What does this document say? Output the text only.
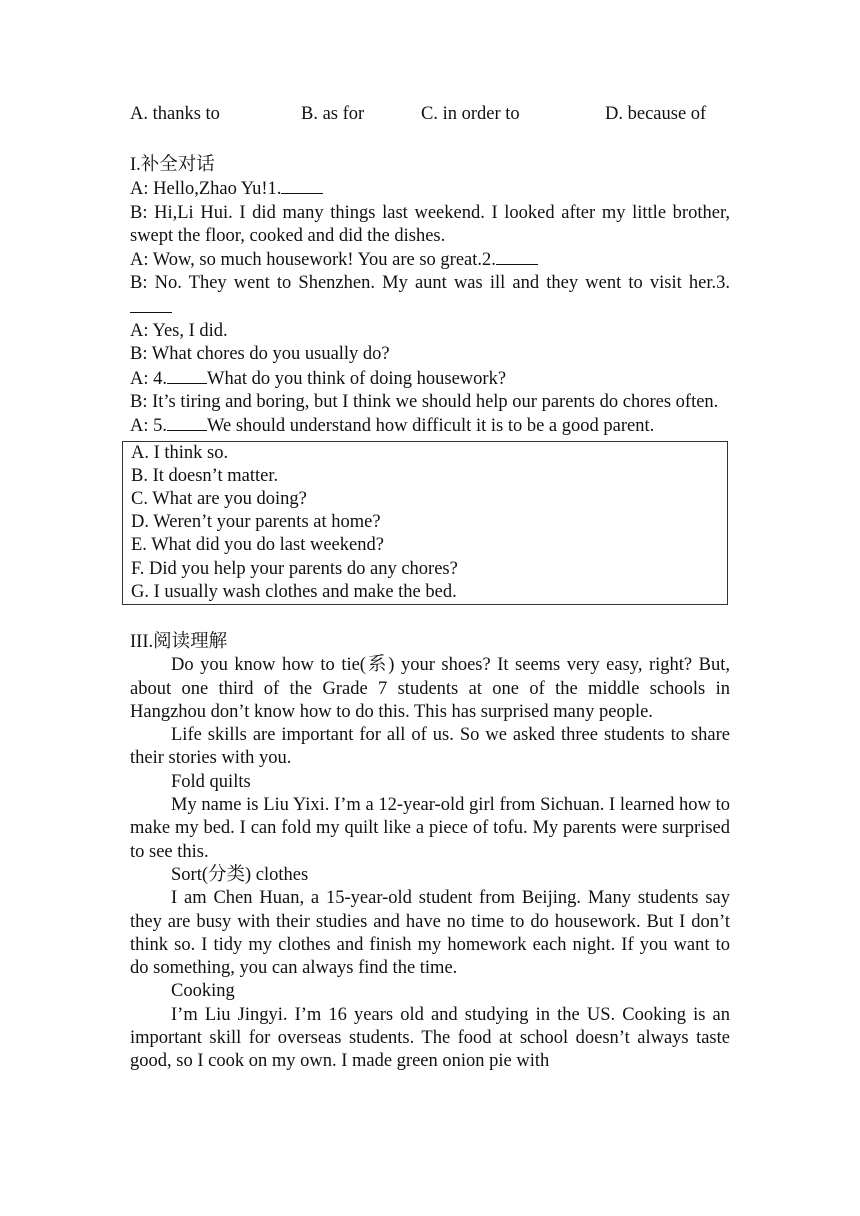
A. thanks to	B. as for	C. in order to	D. because of
I.补全对话
A: Hello,Zhao Yu!1.
B: Hi,Li Hui. I did many things last weekend. I looked after my little brother, swept the floor, cooked and did the dishes.
A: Wow, so much housework! You are so great.2.
B: No. They went to Shenzhen. My aunt was ill and they went to visit her.3.
A: Yes, I did.
B: What chores do you usually do?
A: 4. What do you think of doing housework?
B: It’s tiring and boring, but I think we should help our parents do chores often.
A: 5. We should understand how difficult it is to be a good parent.
A. I think so.
B. It doesn’t matter.
C. What are you doing?
D. Weren’t your parents at home?
E. What did you do last weekend?
F. Did you help your parents do any chores?
G. I usually wash clothes and make the bed.
III.阅读理解
Do you know how to tie(系) your shoes? It seems very easy, right? But, about one third of the Grade 7 students at one of the middle schools in Hangzhou don’t know how to do this. This has surprised many people.
Life skills are important for all of us. So we asked three students to share their stories with you.
Fold quilts
My name is Liu Yixi. I’m a 12-year-old girl from Sichuan. I learned how to make my bed. I can fold my quilt like a piece of tofu. My parents were surprised to see this.
Sort(分类) clothes
I am Chen Huan, a 15-year-old student from Beijing. Many students say they are busy with their studies and have no time to do housework. But I don’t think so. I tidy my clothes and finish my homework each night. If you want to do something, you can always find the time.
Cooking
I’m Liu Jingyi. I’m 16 years old and studying in the US. Cooking is an important skill for overseas students. The food at school doesn’t always taste good, so I cook on my own. I made green onion pie with
